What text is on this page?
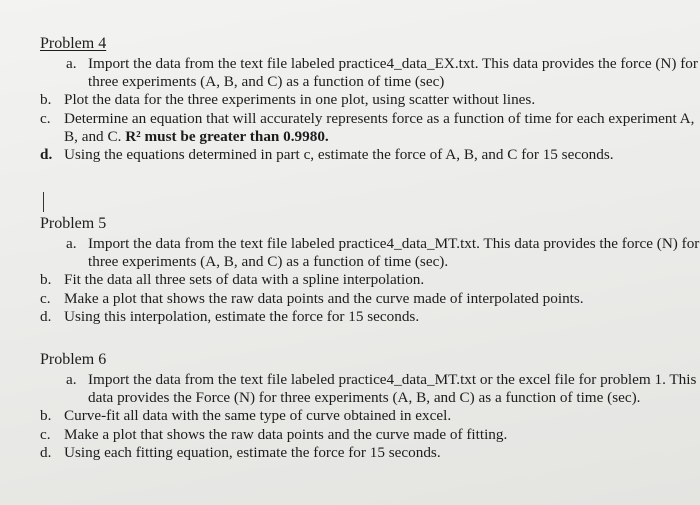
Problem 4
a. Import the data from the text file labeled practice4_data_EX.txt. This data provides the force (N) for three experiments (A, B, and C) as a function of time (sec)
b. Plot the data for the three experiments in one plot, using scatter without lines.
c. Determine an equation that will accurately represents force as a function of time for each experiment A, B, and C. R² must be greater than 0.9980.
d. Using the equations determined in part c, estimate the force of A, B, and C for 15 seconds.
Problem 5
a. Import the data from the text file labeled practice4_data_MT.txt. This data provides the force (N) for three experiments (A, B, and C) as a function of time (sec).
b. Fit the data all three sets of data with a spline interpolation.
c. Make a plot that shows the raw data points and the curve made of interpolated points.
d. Using this interpolation, estimate the force for 15 seconds.
Problem 6
a. Import the data from the text file labeled practice4_data_MT.txt or the excel file for problem 1. This data provides the Force (N) for three experiments (A, B, and C) as a function of time (sec).
b. Curve-fit all data with the same type of curve obtained in excel.
c. Make a plot that shows the raw data points and the curve made of fitting.
d. Using each fitting equation, estimate the force for 15 seconds.
